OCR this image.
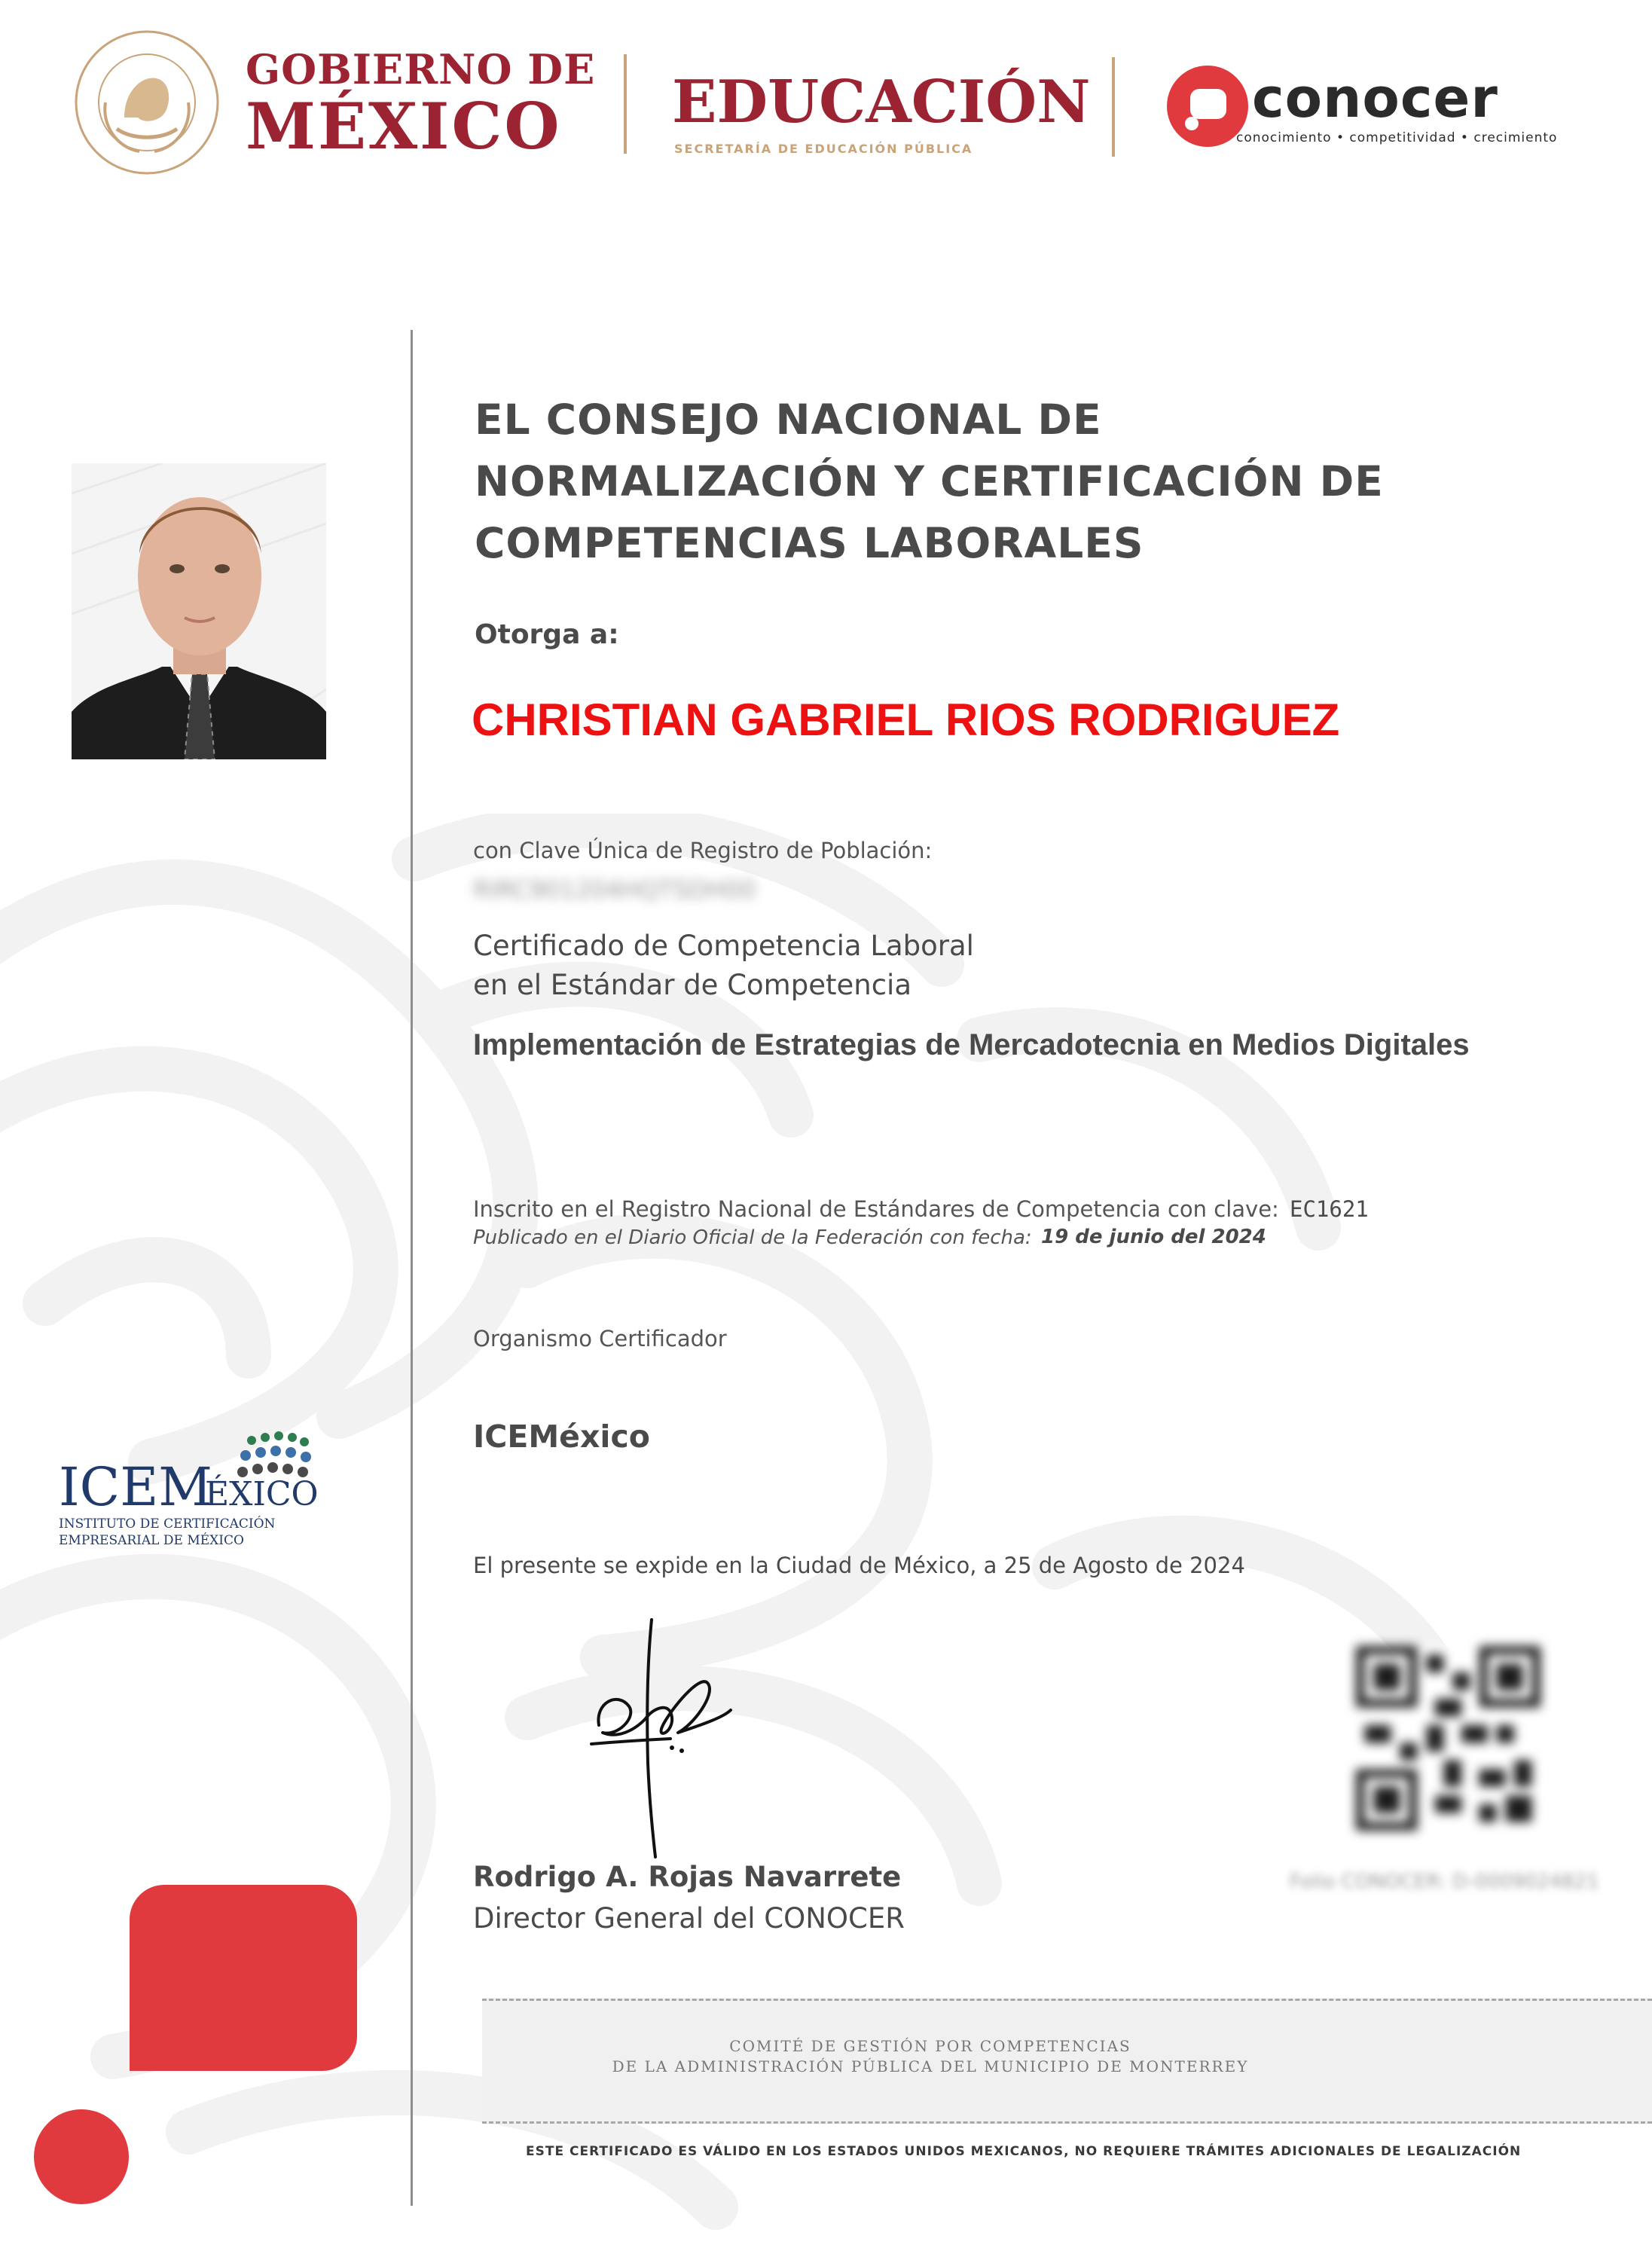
GOBIERNO DE
MÉXICO EDUCACIÓN
SECRETARÍA DE EDUCACIÓN PÚBLICA
conocer
conocimiento • competitividad • crecimiento
ICEM
ÉXICO
INSTITUTO DE CERTIFICACIÓN
EMPRESARIAL DE MÉXICO
EL CONSEJO NACIONAL DE
NORMALIZACIÓN Y CERTIFICACIÓN DE
COMPETENCIAS LABORALES
Otorga a:
CHRISTIAN GABRIEL RIOS RODRIGUEZ
con Clave Única de Registro de Población:
RIRC901204HQTSDH00
Certificado de Competencia Laboral
en el Estándar de Competencia
Implementación de Estrategias de Mercadotecnia en Medios Digitales
Inscrito en el Registro Nacional de Estándares de Competencia con clave: EC1621
Publicado en el Diario Oficial de la Federación con fecha: 19 de junio del 2024
Organismo Certificador
ICEMéxico
El presente se expide en la Ciudad de México, a 25 de Agosto de 2024
Rodrigo A. Rojas Navarrete
Director General del CONOCER
Folio CONOCER: D-0009024821
COMITÉ DE GESTIÓN POR COMPETENCIAS
DE LA ADMINISTRACIÓN PÚBLICA DEL MUNICIPIO DE MONTERREY
ESTE CERTIFICADO ES VÁLIDO EN LOS ESTADOS UNIDOS MEXICANOS, NO REQUIERE TRÁMITES ADICIONALES DE LEGALIZACIÓN
